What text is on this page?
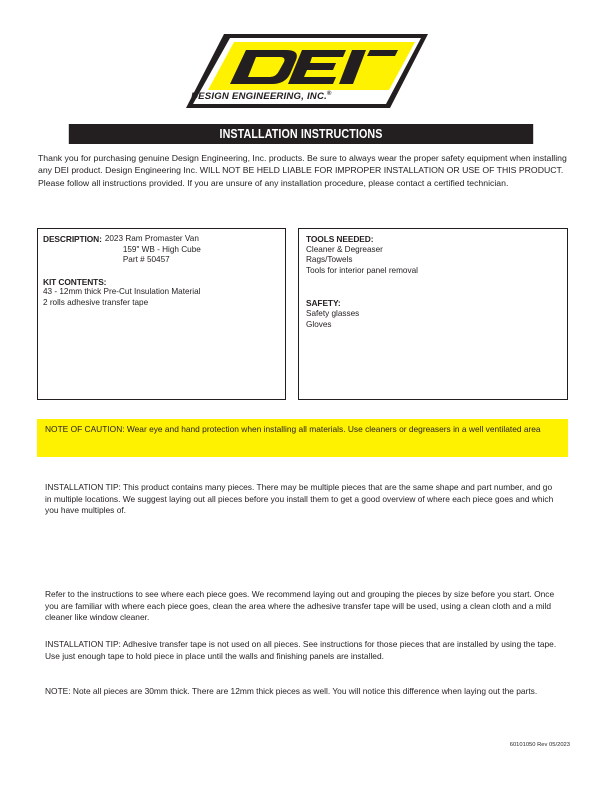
DESIGN ENGINEERING, INC.®
INSTALLATION INSTRUCTIONS
Thank you for purchasing genuine Design Engineering, Inc. products. Be sure to always wear the proper safety equipment when installing any DEI product. Design Engineering Inc. WILL NOT BE HELD LIABLE FOR IMPROPER INSTALLATION OR USE OF THIS PRODUCT. Please follow all instructions provided. If you are unsure of any installation procedure, please contact a certified technician.
DESCRIPTION: 2023 Ram Promaster Van
159" WB - High Cube
Part # 50457
KIT CONTENTS:
43 - 12mm thick Pre-Cut Insulation Material
2 rolls adhesive transfer tape
TOOLS NEEDED:
Cleaner & Degreaser
Rags/Towels
Tools for interior panel removal
SAFETY:
Safety glasses
Gloves
NOTE OF CAUTION: Wear eye and hand protection when installing all materials. Use cleaners or degreasers in a well ventilated area
INSTALLATION TIP: This product contains many pieces. There may be multiple pieces that are the same shape and part number, and go in multiple locations. We suggest laying out all pieces before you install them to get a good overview of where each piece goes and which you have multiples of.
Refer to the instructions to see where each piece goes. We recommend laying out and grouping the pieces by size before you start. Once you are familiar with where each piece goes, clean the area where the adhesive transfer tape will be used, using a clean cloth and a mild cleaner like window cleaner.
INSTALLATION TIP: Adhesive transfer tape is not used on all pieces. See instructions for those pieces that are installed by using the tape. Use just enough tape to hold piece in place until the walls and finishing panels are installed.
NOTE: Note all pieces are 30mm thick. There are 12mm thick pieces as well. You will notice this difference when laying out the parts.
60101050 Rev 05/2023
